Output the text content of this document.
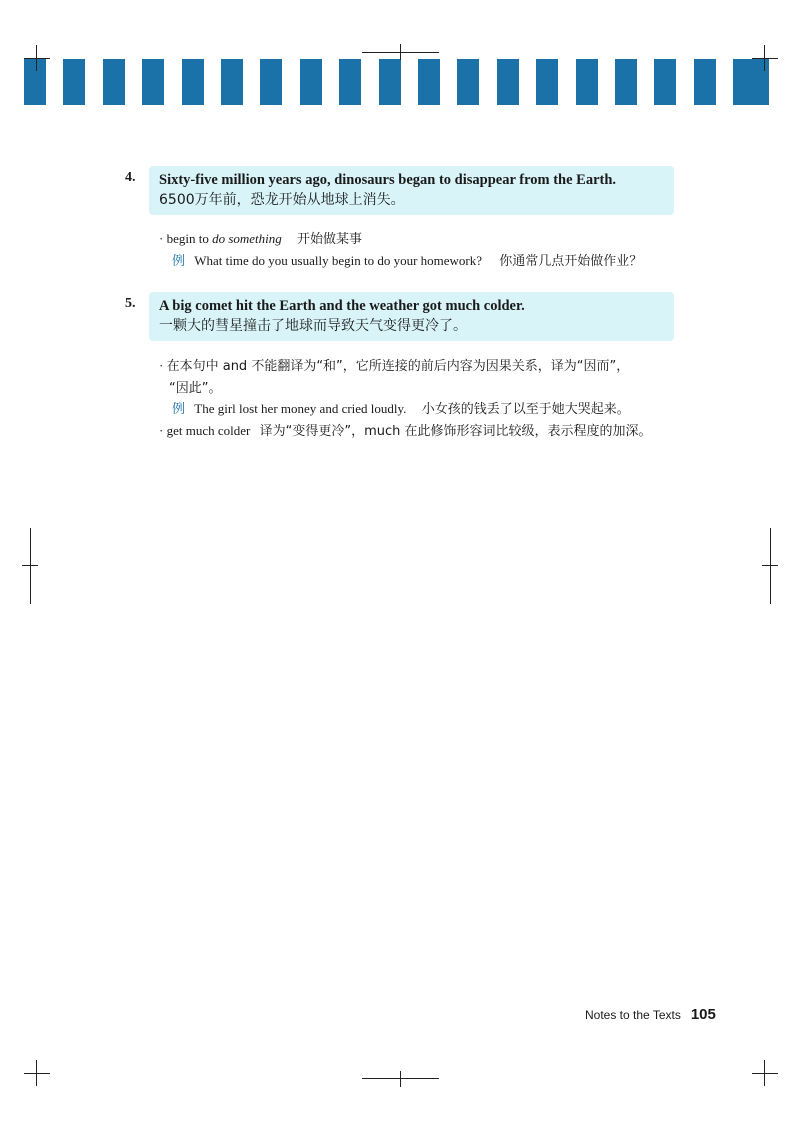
4. Sixty-five million years ago, dinosaurs began to disappear from the Earth.
6500万年前，恐龙开始从地球上消失。
· begin to do something 开始做某事
例 What time do you usually begin to do your homework? 你通常几点开始做作业？
5. A big comet hit the Earth and the weather got much colder.
一颗大的彗星撞击了地球而导致天气变得更冷了。
· 在本句中 and 不能翻译为“和”，它所连接的前后内容为因果关系，译为“因而”，
“因此”。
例 The girl lost her money and cried loudly. 小女孩的钱丢了以至于她大哭起来。
· get much colder 译为“变得更冷”，much 在此修饰形容词比较级，表示程度的加深。
Notes to the Texts 105
